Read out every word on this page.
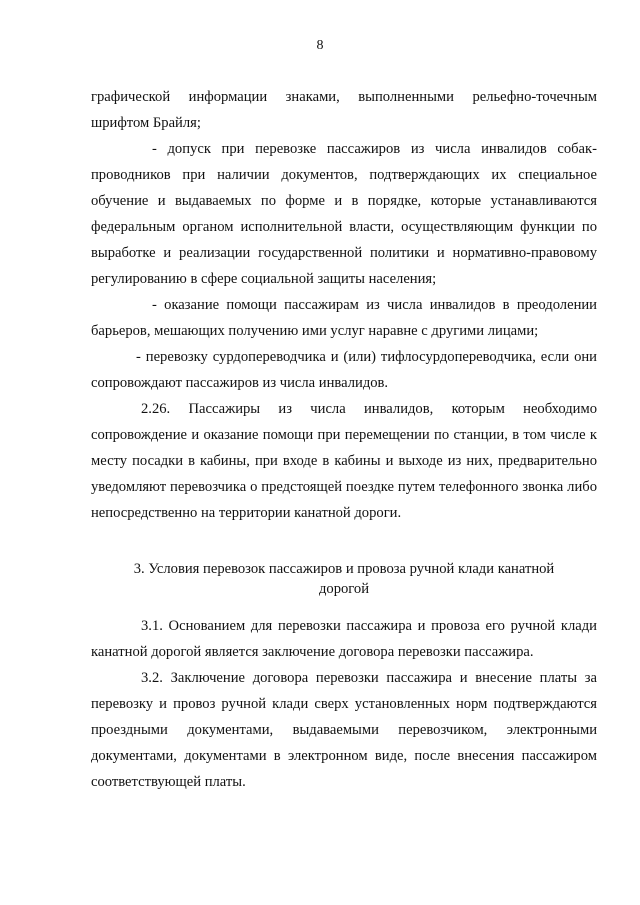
8

графической информации знаками, выполненными рельефно-точечным шрифтом Брайля;

- допуск при перевозке пассажиров из числа инвалидов собак-проводников при наличии документов, подтверждающих их специальное обучение и выдаваемых по форме и в порядке, которые устанавливаются федеральным органом исполнительной власти, осуществляющим функции по выработке и реализации государственной политики и нормативно-правовому регулированию в сфере социальной защиты населения;

- оказание помощи пассажирам из числа инвалидов в преодолении барьеров, мешающих получению ими услуг наравне с другими лицами;

- перевозку сурдопереводчика и (или) тифлосурдопереводчика, если они сопровождают пассажиров из числа инвалидов.

2.26. Пассажиры из числа инвалидов, которым необходимо сопровождение и оказание помощи при перемещении по станции, в том числе к месту посадки в кабины, при входе в кабины и выходе из них, предварительно уведомляют перевозчика о предстоящей поездке путем телефонного звонка либо непосредственно на территории канатной дороги.

3. Условия перевозок пассажиров и провоза ручной клади канатной дорогой

3.1. Основанием для перевозки пассажира и провоза его ручной клади канатной дорогой является заключение договора перевозки пассажира.

3.2. Заключение договора перевозки пассажира и внесение платы за перевозку и провоз ручной клади сверх установленных норм подтверждаются проездными документами, выдаваемыми перевозчиком, электронными документами, документами в электронном виде, после внесения пассажиром соответствующей платы.
